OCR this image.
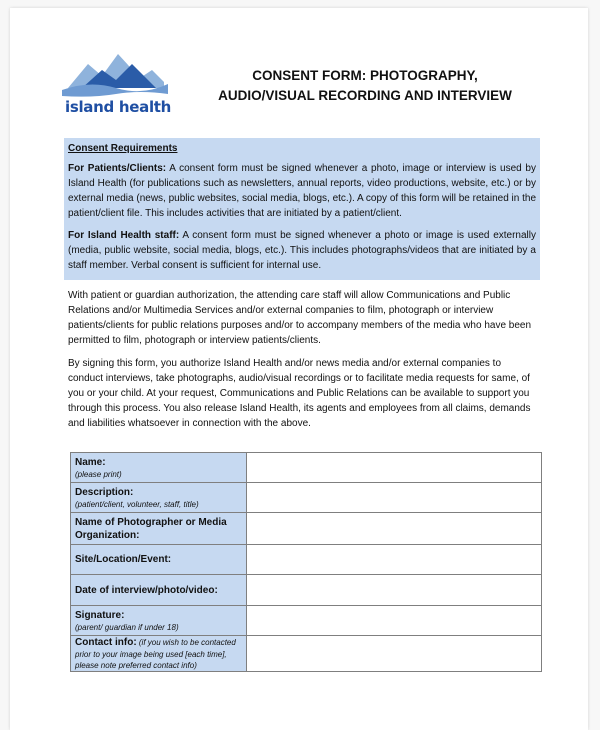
island health
CONSENT FORM: PHOTOGRAPHY,
AUDIO/VISUAL RECORDING AND INTERVIEW
Consent Requirements
For Patients/Clients: A consent form must be signed whenever a photo, image or interview is used by Island Health (for publications such as newsletters, annual reports, video productions, website, etc.) or by external media (news, public websites, social media, blogs, etc.). A copy of this form will be retained in the patient/client file. This includes activities that are initiated by a patient/client.
For Island Health staff: A consent form must be signed whenever a photo or image is used externally (media, public website, social media, blogs, etc.). This includes photographs/videos that are initiated by a staff member. Verbal consent is sufficient for internal use.
With patient or guardian authorization, the attending care staff will allow Communications and Public Relations and/or Multimedia Services and/or external companies to film, photograph or interview patients/clients for public relations purposes and/or to accompany members of the media who have been permitted to film, photograph or interview patients/clients.
By signing this form, you authorize Island Health and/or news media and/or external companies to conduct interviews, take photographs, audio/visual recordings or to facilitate media requests for same, of you or your child. At your request, Communications and Public Relations can be available to support you through this process. You also release Island Health, its agents and employees from all claims, demands and liabilities whatsoever in connection with the above.
Name:
(please print)	

Description:
(patient/client, volunteer, staff, title)	

Name of Photographer or Media Organization:	

Site/Location/Event:	

Date of interview/photo/video:	

Signature:
(parent/ guardian if under 18)	

Contact info: (if you wish to be contacted
prior to your image being used [each time], please note preferred contact info)	
